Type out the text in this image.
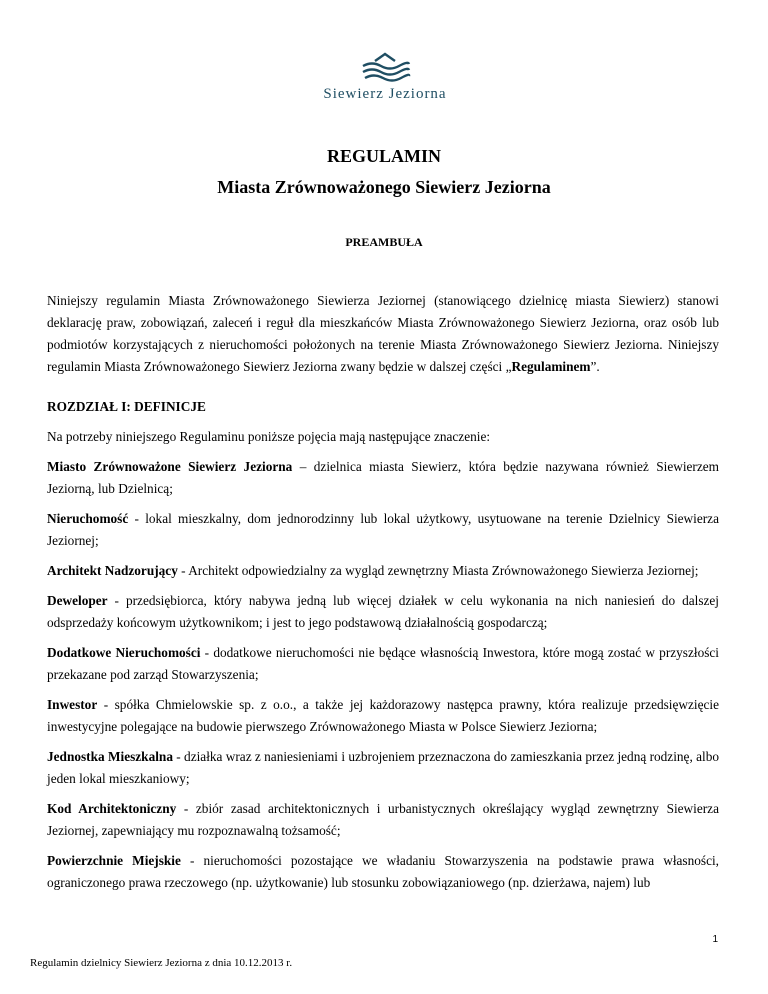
Siewierz Jeziorna
REGULAMIN
Miasta Zrównoważonego Siewierz Jeziorna
PREAMBUŁA

Niniejszy regulamin Miasta Zrównoważonego Siewierza Jeziornej (stanowiącego dzielnicę miasta Siewierz) stanowi deklarację praw, zobowiązań, zaleceń i reguł dla mieszkańców Miasta Zrównoważonego Siewierz Jeziorna, oraz osób lub podmiotów korzystających z nieruchomości położonych na terenie Miasta Zrównoważonego Siewierz Jeziorna. Niniejszy regulamin Miasta Zrównoważonego Siewierz Jeziorna zwany będzie w dalszej części „Regulaminem”.

ROZDZIAŁ I: DEFINICJE

Na potrzeby niniejszego Regulaminu poniższe pojęcia mają następujące znaczenie:

Miasto Zrównoważone Siewierz Jeziorna – dzielnica miasta Siewierz, która będzie nazywana również Siewierzem Jeziorną, lub Dzielnicą;

Nieruchomość - lokal mieszkalny, dom jednorodzinny lub lokal użytkowy, usytuowane na terenie Dzielnicy Siewierza Jeziornej;

Architekt Nadzorujący - Architekt odpowiedzialny za wygląd zewnętrzny Miasta Zrównoważonego Siewierza Jeziornej;

Deweloper - przedsiębiorca, który nabywa jedną lub więcej działek w celu wykonania na nich naniesień do dalszej odsprzedaży końcowym użytkownikom; i jest to jego podstawową działalnością gospodarczą;

Dodatkowe Nieruchomości - dodatkowe nieruchomości nie będące własnością Inwestora, które mogą zostać w przyszłości przekazane pod zarząd Stowarzyszenia;

Inwestor - spółka Chmielowskie sp. z o.o., a także jej każdorazowy następca prawny, która realizuje przedsięwzięcie inwestycyjne polegające na budowie pierwszego Zrównoważonego Miasta w Polsce Siewierz Jeziorna;

Jednostka Mieszkalna - działka wraz z naniesieniami i uzbrojeniem przeznaczona do zamieszkania przez jedną rodzinę, albo jeden lokal mieszkaniowy;

Kod Architektoniczny - zbiór zasad architektonicznych i urbanistycznych określający wygląd zewnętrzny Siewierza Jeziornej, zapewniający mu rozpoznawalną tożsamość;

Powierzchnie Miejskie - nieruchomości pozostające we władaniu Stowarzyszenia na podstawie prawa własności, ograniczonego prawa rzeczowego (np. użytkowanie) lub stosunku zobowiązaniowego (np. dzierżawa, najem) lub

1
Regulamin dzielnicy Siewierz Jeziorna z dnia 10.12.2013 r.
